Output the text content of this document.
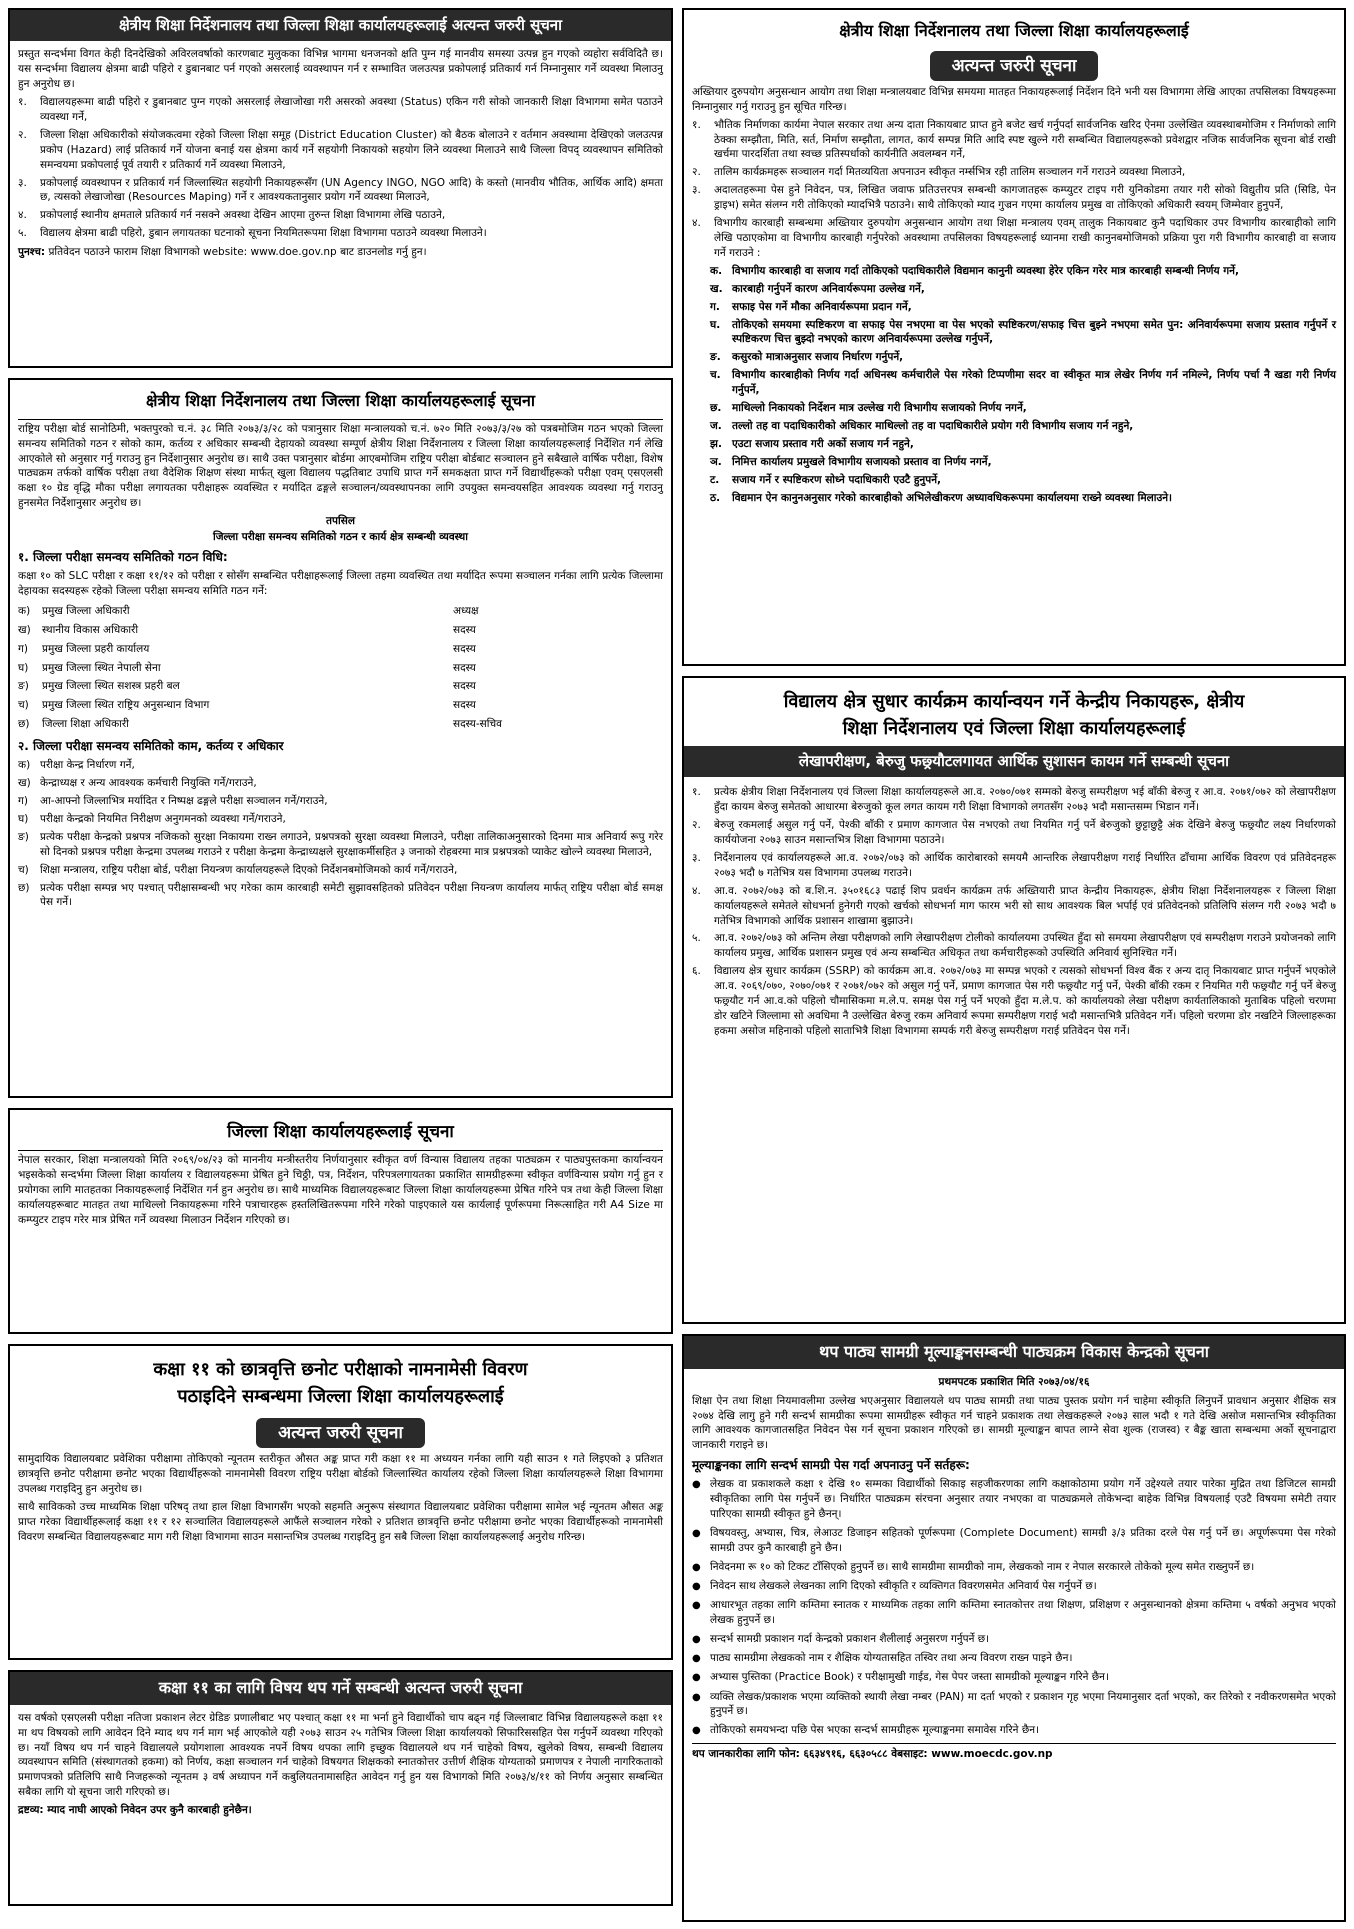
क्षेत्रीय शिक्षा निर्देशनालय तथा जिल्ला शिक्षा कार्यालयहरूलाई अत्यन्त जरुरी सूचना

प्रस्तुत सन्दर्भमा विगत केही दिनदेखिको अविरलवर्षाको कारणबाट मुलुकका विभिन्न भागमा धनजनको क्षति पुग्न गई मानवीय समस्या उत्पन्न हुन गएको व्यहोरा सर्वविदितै छ। यस सन्दर्भमा विद्यालय क्षेत्रमा बाढी पहिरो र डुबानबाट पर्न गएको असरलाई व्यवस्थापन गर्न र सम्भावित जलउत्पन्न प्रकोपलाई प्रतिकार्य गर्न निम्नानुसार गर्ने व्यवस्था मिलाउनु हुन अनुरोध छ।

१.	विद्यालयहरूमा बाढी पहिरो र डुबानबाट पुग्न गएको असरलाई लेखाजोखा गरी असरको अवस्था (Status) एकिन गरी सोको जानकारी शिक्षा विभागमा समेत पठाउने व्यवस्था गर्ने,
२.	जिल्ला शिक्षा अधिकारीको संयोजकत्वमा रहेको जिल्ला शिक्षा समूह (District Education Cluster) को बैठक बोलाउने र वर्तमान अवस्थामा देखिएको जलउत्पन्न प्रकोप (Hazard) लाई प्रतिकार्य गर्ने योजना बनाई यस क्षेत्रमा कार्य गर्ने सहयोगी निकायको सहयोग लिने व्यवस्था मिलाउने साथै जिल्ला विपद् व्यवस्थापन समितिको समन्वयमा प्रकोपलाई पूर्व तयारी र प्रतिकार्य गर्ने व्यवस्था मिलाउने,
३.	प्रकोपलाई व्यवस्थापन र प्रतिकार्य गर्न जिल्लास्थित सहयोगी निकायहरूसँग (UN Agency INGO, NGO आदि) के कस्तो (मानवीय भौतिक, आर्थिक आदि) क्षमता छ, त्यसको लेखाजोखा (Resources Maping) गर्ने र आवश्यकतानुसार प्रयोग गर्ने व्यवस्था मिलाउने,
४.	प्रकोपलाई स्थानीय क्षमताले प्रतिकार्य गर्न नसक्ने अवस्था देखिन आएमा तुरुन्त शिक्षा विभागमा लेखि पठाउने,
५.	विद्यालय क्षेत्रमा बाढी पहिरो, डुबान लगायतका घटनाको सूचना नियमितरूपमा शिक्षा विभागमा पठाउने व्यवस्था मिलाउने।
पुनश्च: प्रतिवेदन पठाउने फाराम शिक्षा विभागको website: www.doe.gov.np बाट डाउनलोड गर्नु हुन।
क्षेत्रीय शिक्षा निर्देशनालय तथा जिल्ला शिक्षा कार्यालयहरूलाई सूचना

राष्ट्रिय परीक्षा बोर्ड सानोठिमी, भक्तपुरको च.नं. ३८ मिति २०७३/३/२८ को पत्रानुसार शिक्षा मन्त्रालयको च.नं. ७२० मिति २०७३/३/२७ को पत्रबमोजिम गठन भएको जिल्ला समन्वय समितिको गठन र सोको काम, कर्तव्य र अधिकार सम्बन्धी देहायको व्यवस्था सम्पूर्ण क्षेत्रीय शिक्षा निर्देशनालय र जिल्ला शिक्षा कार्यालयहरूलाई निर्देशित गर्न लेखि आएकोले सो अनुसार गर्नु गराउनु हुन निर्देशानुसार अनुरोध छ। साथै उक्त पत्रानुसार बोर्डमा आएबमोजिम राष्ट्रिय परीक्षा बोर्डबाट सञ्चालन हुने सबैखाले वार्षिक परीक्षा, विशेष पाठ्यक्रम तर्फको वार्षिक परीक्षा तथा वैदेशिक शिक्षण संस्था मार्फत् खुला विद्यालय पद्धतिबाट उपाधि प्राप्त गर्ने समकक्षता प्राप्त गर्ने विद्यार्थीहरूको परीक्षा एवम् एसएलसी कक्षा १० ग्रेड वृद्धि मौका परीक्षा लगायतका परीक्षाहरू व्यवस्थित र मर्यादित ढङ्गले सञ्चालन/व्यवस्थापनका लागि उपयुक्त समन्वयसहित आवश्यक व्यवस्था गर्नु गराउनु हुनसमेत निर्देशानुसार अनुरोध छ।

तपसिल
जिल्ला परीक्षा समन्वय समितिको गठन र कार्य क्षेत्र सम्बन्धी व्यवस्था
१. जिल्ला परीक्षा समन्वय समितिको गठन विधि:

कक्षा १० को SLC परीक्षा र कक्षा ११/१२ को परीक्षा र सोसँग सम्बन्धित परीक्षाहरूलाई जिल्ला तहमा व्यवस्थित तथा मर्यादित रूपमा सञ्चालन गर्नका लागि प्रत्येक जिल्लामा देहायका सदस्यहरू रहेको जिल्ला परीक्षा समन्वय समिति गठन गर्ने:

क)	प्रमुख जिल्ला अधिकारी	अध्यक्ष
ख)	स्थानीय विकास अधिकारी	सदस्य
ग)	प्रमुख जिल्ला प्रहरी कार्यालय	सदस्य
घ)	प्रमुख जिल्ला स्थित नेपाली सेना	सदस्य
ङ)	प्रमुख जिल्ला स्थित सशस्त्र प्रहरी बल	सदस्य
च)	प्रमुख जिल्ला स्थित राष्ट्रिय अनुसन्धान विभाग	सदस्य
छ)	जिल्ला शिक्षा अधिकारी	सदस्य-सचिव
२. जिल्ला परीक्षा समन्वय समितिको काम, कर्तव्य र अधिकार
क) परीक्षा केन्द्र निर्धारण गर्ने,
ख) केन्द्राध्यक्ष र अन्य आवश्यक कर्मचारी नियुक्ति गर्ने/गराउने,
ग)	आ-आफ्नो जिल्लाभित्र मर्यादित र निष्पक्ष ढङ्गले परीक्षा सञ्चालन गर्ने/गराउने,
घ)	परीक्षा केन्द्रको नियमित निरीक्षण अनुगमनको व्यवस्था गर्ने/गराउने,
ङ)	प्रत्येक परीक्षा केन्द्रको प्रश्नपत्र नजिकको सुरक्षा निकायमा राख्न लगाउने, प्रश्नपत्रको सुरक्षा व्यवस्था मिलाउने, परीक्षा तालिकाअनुसारको दिनमा मात्र अनिवार्य रूपु गरेर सो दिनको प्रश्नपत्र परीक्षा केन्द्रमा उपलब्ध गराउने र परीक्षा केन्द्रमा केन्द्राध्यक्षले सुरक्षाकर्मीसहित ३ जनाको रोहबरमा मात्र प्रश्नपत्रको प्याकेट खोल्ने व्यवस्था मिलाउने,
च)	शिक्षा मन्त्रालय, राष्ट्रिय परीक्षा बोर्ड, परीक्षा नियन्त्रण कार्यालयहरूले दिएको निर्देशनबमोजिमको कार्य गर्ने/गराउने,
छ)	प्रत्येक परीक्षा सम्पन्न भए पश्चात् परीक्षासम्बन्धी भए गरेका काम कारबाही समेटी सुझावसहितको प्रतिवेदन परीक्षा नियन्त्रण कार्यालय मार्फत् राष्ट्रिय परीक्षा बोर्ड समक्ष पेस गर्ने।
जिल्ला शिक्षा कार्यालयहरूलाई सूचना

नेपाल सरकार, शिक्षा मन्त्रालयको मिति २०६९/०४/२३ को माननीय मन्त्रीस्तरीय निर्णयानुसार स्वीकृत वर्ण विन्यास विद्यालय तहका पाठ्यक्रम र पाठ्यपुस्तकमा कार्यान्वयन भइसकेको सन्दर्भमा जिल्ला शिक्षा कार्यालय र विद्यालयहरूमा प्रेषित हुने चिठ्ठी, पत्र, निर्देशन, परिपत्रलगायतका प्रकाशित सामग्रीहरूमा स्वीकृत वर्णविन्यास प्रयोग गर्नु हुन र प्रयोगका लागि मातहतका निकायहरूलाई निर्देशित गर्न हुन अनुरोध छ। साथै माध्यमिक विद्यालयहरूबाट जिल्ला शिक्षा कार्यालयहरूमा प्रेषित गरिने पत्र तथा केही जिल्ला शिक्षा कार्यालयहरूबाट मातहत तथा माथिल्लो निकायहरूमा गरिने पत्राचारहरू हस्तलिखितरूपमा गरिने गरेको पाइएकाले यस कार्यलाई पूर्णरूपमा निरूत्साहित गरी A4 Size मा कम्प्युटर टाइप गरेर मात्र प्रेषित गर्ने व्यवस्था मिलाउन निर्देशन गरिएको छ।

कक्षा ११ को छात्रवृत्ति छनोट परीक्षाको नामनामेसी विवरण
पठाइदिने सम्बन्धमा जिल्ला शिक्षा कार्यालयहरूलाई
अत्यन्त जरुरी सूचना

सामुदायिक विद्यालयबाट प्रवेशिका परीक्षामा तोकिएको न्यूनतम स्तरीकृत औसत अङ्क प्राप्त गरी कक्षा ११ मा अध्ययन गर्नका लागि यही साउन १ गते लिइएको ३ प्रतिशत छात्रवृत्ति छनोट परीक्षामा छनोट भएका विद्यार्थीहरूको नामनामेसी विवरण राष्ट्रिय परीक्षा बोर्डको जिल्लास्थित कार्यालय रहेको जिल्ला शिक्षा कार्यालयहरूले शिक्षा विभागमा उपलब्ध गराइदिनु हुन अनुरोध छ।

साथै साविकको उच्च माध्यमिक शिक्षा परिषद् तथा हाल शिक्षा विभागसँग भएको सहमति अनुरूप संस्थागत विद्यालयबाट प्रवेशिका परीक्षामा सामेल भई न्यूनतम औसत अङ्क प्राप्त गरेका विद्यार्थीहरूलाई कक्षा ११ र १२ सञ्चालित विद्यालयहरूले आफैंले सञ्चालन गरेको २ प्रतिशत छात्रवृत्ति छनोट परीक्षामा छनोट भएका विद्यार्थीहरूको नामनामेसी विवरण सम्बन्धित विद्यालयहरूबाट माग गरी शिक्षा विभागमा साउन मसान्तभित्र उपलब्ध गराइदिनु हुन सबै जिल्ला शिक्षा कार्यालयहरूलाई अनुरोध गरिन्छ।

कक्षा ११ का लागि विषय थप गर्ने सम्बन्धी अत्यन्त जरुरी सूचना

यस वर्षको एसएलसी परीक्षा नतिजा प्रकाशन लेटर ग्रेडिङ प्रणालीबाट भए पश्चात् कक्षा ११ मा भर्ना हुने विद्यार्थीको चाप बढ्न गई जिल्लाबाट विभिन्न विद्यालयहरूले कक्षा ११ मा थप विषयको लागि आवेदन दिने म्याद थप गर्न माग भई आएकोले यही २०७३ साउन २५ गतेभित्र जिल्ला शिक्षा कार्यालयको सिफारिससहित पेस गर्नुपर्ने व्यवस्था गरिएको छ। नयाँ विषय थप गर्न चाहने विद्यालयले प्रयोगशाला आवश्यक नपर्ने विषय थपका लागि इच्छुक विद्यालयले थप गर्न चाहेको विषय, खुलेको विषय, सम्बन्धी विद्यालय व्यवस्थापन समिति (संस्थागतको हकमा) को निर्णय, कक्षा सञ्चालन गर्न चाहेको विषयगत शिक्षकको स्नातकोत्तर उत्तीर्ण शैक्षिक योग्यताको प्रमाणपत्र र नेपाली नागरिकताको प्रमाणपत्रको प्रतिलिपि साथै निजहरूको न्यूनतम ३ वर्ष अध्यापन गर्ने कबुलियतनामासहित आवेदन गर्नु हुन यस विभागको मिति २०७३/४/११ को निर्णय अनुसार सम्बन्धित सबैका लागि यो सूचना जारी गरिएको छ।

द्रष्टव्य: म्याद नाघी आएको निवेदन उपर कुनै कारबाही हुनेछैन।
क्षेत्रीय शिक्षा निर्देशनालय तथा जिल्ला शिक्षा कार्यालयहरूलाई
अत्यन्त जरुरी सूचना

अख्तियार दुरुपयोग अनुसन्धान आयोग तथा शिक्षा मन्त्रालयबाट विभिन्न समयमा मातहत निकायहरूलाई निर्देशन दिने भनी यस विभागमा लेखि आएका तपसिलका विषयहरूमा निम्नानुसार गर्नु गराउनु हुन सूचित गरिन्छ।

१.	भौतिक निर्माणका कार्यमा नेपाल सरकार तथा अन्य दाता निकायबाट प्राप्त हुने बजेट खर्च गर्नुपर्दा सार्वजनिक खरिद ऐनमा उल्लेखित व्यवस्थाबमोजिम र निर्माणको लागि ठेक्का सम्झौता, मिति, सर्त, निर्माण सम्झौता, लागत, कार्य सम्पन्न मिति आदि स्पष्ट खुल्ने गरी सम्बन्धित विद्यालयहरूको प्रवेशद्वार नजिक सार्वजनिक सूचना बोर्ड राखी खर्चमा पारदर्शिता तथा स्वच्छ प्रतिस्पर्धाको कार्यनीति अवलम्बन गर्ने,
२.	तालिम कार्यक्रमहरू सञ्चालन गर्दा मितव्ययिता अपनाउन स्वीकृत नर्म्सभित्र रही तालिम सञ्चालन गर्ने गराउने व्यवस्था मिलाउने,
३.	अदालतहरूमा पेस हुने निवेदन, पत्र, लिखित जवाफ प्रतिउत्तरपत्र सम्बन्धी कागजातहरू कम्प्युटर टाइप गरी युनिकोडमा तयार गरी सोको विद्युतीय प्रति (सिडि, पेन ड्राइभ) समेत संलग्न गरी तोकिएको म्यादभित्रै पठाउने। साथै तोकिएको म्याद गुज्रन गएमा कार्यालय प्रमुख वा तोकिएको अधिकारी स्वयम् जिम्मेवार हुनुपर्ने,
४.	विभागीय कारबाही सम्बन्धमा अख्तियार दुरुपयोग अनुसन्धान आयोग तथा शिक्षा मन्त्रालय एवम् तालुक निकायबाट कुनै पदाधिकार उपर विभागीय कारबाहीको लागि लेखि पठाएकोमा वा विभागीय कारबाही गर्नुपरेको अवस्थामा तपसिलका विषयहरूलाई ध्यानमा राखी कानुनबमोजिमको प्रक्रिया पुरा गरी विभागीय कारबाही वा सजाय गर्ने गराउने :
क. विभागीय कारबाही वा सजाय गर्दा तोकिएको पदाधिकारीले विद्यमान कानुनी व्यवस्था हेरेर एकिन गरेर मात्र कारबाही सम्बन्धी निर्णय गर्ने,
ख. कारबाही गर्नुपर्ने कारण अनिवार्यरूपमा उल्लेख गर्ने,
ग.	सफाइ पेस गर्ने मौका अनिवार्यरूपमा प्रदान गर्ने,
घ.	तोकिएको समयमा स्पष्टिकरण वा सफाइ पेस नभएमा वा पेस भएको स्पष्टिकरण/सफाइ चित्त बुझ्ने नभएमा समेत पुन: अनिवार्यरूपमा सजाय प्रस्ताव गर्नुपर्ने र स्पष्टिकरण चित्त बुझ्दो नभएको कारण अनिवार्यरूपमा उल्लेख गर्नुपर्ने,
ङ.	कसुरको मात्राअनुसार सजाय निर्धारण गर्नुपर्ने,
च.	विभागीय कारबाहीको निर्णय गर्दा अधिनस्थ कर्मचारीले पेस गरेको टिप्पणीमा सदर वा स्वीकृत मात्र लेखेर निर्णय गर्न नमिल्ने, निर्णय पर्चा नै खडा गरी निर्णय गर्नुपर्ने,
छ.	माथिल्लो निकायको निर्देशन मात्र उल्लेख गरी विभागीय सजायको निर्णय नगर्ने,
ज. तल्लो तह वा पदाधिकारीको अधिकार माथिल्लो तह वा पदाधिकारीले प्रयोग गरी विभागीय सजाय गर्न नहुने,
झ. एउटा सजाय प्रस्ताव गरी अर्को सजाय गर्न नहुने,
ञ. निमित्त कार्यालय प्रमुखले विभागीय सजायको प्रस्ताव वा निर्णय नगर्ने,
ट.	सजाय गर्ने र स्पष्टिकरण सोध्ने पदाधिकारी एउटै हुनुपर्ने,
ठ.	विद्यमान ऐन कानुनअनुसार गरेको कारबाहीको अभिलेखीकरण अध्यावधिकरूपमा कार्यालयमा राख्ने व्यवस्था मिलाउने।
विद्यालय क्षेत्र सुधार कार्यक्रम कार्यान्वयन गर्ने केन्द्रीय निकायहरू, क्षेत्रीय
शिक्षा निर्देशनालय एवं जिल्ला शिक्षा कार्यालयहरूलाई
लेखापरीक्षण, बेरुजु फछ्र्यौटलगायत आर्थिक सुशासन कायम गर्ने सम्बन्धी सूचना
१.	प्रत्येक क्षेत्रीय शिक्षा निर्देशनालय एवं जिल्ला शिक्षा कार्यालयहरूले आ.व. २०७०/०७१ सम्मको बेरुजु सम्परीक्षण भई बाँकी बेरुजु र आ.व. २०७१/०७२ को लेखापरीक्षण हुँदा कायम बेरुजु समेतको आधारमा बेरुजुको कूल लगत कायम गरी शिक्षा विभागको लगतसँग २०७३ भदौ मसान्तसम्म भिडान गर्ने।
२.	बेरुजु रकमलाई असुल गर्नु पर्ने, पेश्की बाँकी र प्रमाण कागजात पेस नभएको तथा नियमित गर्नु पर्ने बेरुजुको छुट्टाछुट्टै अंक देखिने बेरुजु फछ्र्यौट लक्ष्य निर्धारणको कार्ययोजना २०७३ साउन मसान्तभित्र शिक्षा विभागमा पठाउने।
३.	निर्देशनालय एवं कार्यालयहरूले आ.व. २०७२/०७३ को आर्थिक कारोबारको समयमै आन्तरिक लेखापरीक्षण गराई निर्धारित ढाँचामा आर्थिक विवरण एवं प्रतिवेदनहरू २०७३ भदौ ७ गतेभित्र यस विभागमा उपलब्ध गराउने।
४.	आ.व. २०७२/०७३ को ब.शि.न. ३५०१६८३ पढाई शिप प्रवर्धन कार्यक्रम तर्फ अख्तियारी प्राप्त केन्द्रीय निकायहरू, क्षेत्रीय शिक्षा निर्देशनालयहरू र जिल्ला शिक्षा कार्यालयहरूले समेतले सोधभर्ना हुनेगरी गएको खर्चको सोधभर्ना माग फारम भरी सो साथ आवश्यक बिल भर्पाई एवं प्रतिवेदनको प्रतिलिपि संलग्न गरी २०७३ भदौ ७ गतेभित्र विभागको आर्थिक प्रशासन शाखामा बुझाउने।
५.	आ.व. २०७२/०७३ को अन्तिम लेखा परीक्षणको लागि लेखापरीक्षण टोलीको कार्यालयमा उपस्थित हुँदा सो समयमा लेखापरीक्षण एवं सम्परीक्षण गराउने प्रयोजनको लागि कार्यालय प्रमुख, आर्थिक प्रशासन प्रमुख एवं अन्य सम्बन्धित अधिकृत तथा कर्मचारीहरूको उपस्थिति अनिवार्य सुनिश्चित गर्ने।
६.	विद्यालय क्षेत्र सुधार कार्यक्रम (SSRP) को कार्यक्रम आ.व. २०७२/०७३ मा सम्पन्न भएको र त्यसको सोधभर्ना विश्व बैंक र अन्य दातृ निकायबाट प्राप्त गर्नुपर्ने भएकोले आ.व. २०६९/०७०, २०७०/०७१ र २०७१/०७२ को असुल गर्नु पर्ने, प्रमाण कागजात पेस गरी फछ्र्यौट गर्नु पर्ने, पेश्की बाँकी रकम र नियमित गरी फछ्र्यौट गर्नु पर्ने बेरुजु फछ्र्यौट गर्न आ.व.को पहिलो चौमासिकमा म.ले.प. समक्ष पेस गर्नु पर्ने भएको हुँदा म.ले.प. को कार्यालयको लेखा परीक्षण कार्यतालिकाको मुताबिक पहिलो चरणमा डोर खटिने जिल्लामा सो अवधिमा नै उल्लेखित बेरुजु रकम अनिवार्य रूपमा सम्परीक्षण गराई भदौ मसान्तभित्रै प्रतिवेदन गर्ने। पहिलो चरणमा डोर नखटिने जिल्लाहरूका हकमा असोज महिनाको पहिलो साताभित्रै शिक्षा विभागमा सम्पर्क गरी बेरुजु सम्परीक्षण गराई प्रतिवेदन पेस गर्ने।
थप पाठ्य सामग्री मूल्याङ्कनसम्बन्धी पाठ्यक्रम विकास केन्द्रको सूचना
प्रथमपटक प्रकाशित मिति २०७३/०४/१६

शिक्षा ऐन तथा शिक्षा नियमावलीमा उल्लेख भएअनुसार विद्यालयले थप पाठ्य सामग्री तथा पाठ्य पुस्तक प्रयोग गर्न चाहेमा स्वीकृति लिनुपर्ने प्रावधान अनुसार शैक्षिक सत्र २०७४ देखि लागु हुने गरी सन्दर्भ सामग्रीका रूपमा सामग्रीहरू स्वीकृत गर्न चाहने प्रकाशक तथा लेखकहरूले २०७३ साल भदौ १ गते देखि असोज मसान्तभित्र स्वीकृतिका लागि आवश्यक कागजातसहित निवेदन पेस गर्न सूचना प्रकाशन गरिएको छ। सामग्री मूल्याङ्कन बापत लाग्ने सेवा शुल्क (राजस्व) र बैङ्क खाता सम्बन्धमा अर्को सूचनाद्वारा जानकारी गराइने छ।

मूल्याङ्कनका लागि सन्दर्भ सामग्री पेस गर्दा अपनाउनु पर्ने सर्तहरू:
● लेखक वा प्रकाशकले कक्षा १ देखि १० सम्मका विद्यार्थीको सिकाइ सहजीकरणका लागि कक्षाकोठामा प्रयोग गर्ने उद्देश्यले तयार पारेका मुद्रित तथा डिजिटल सामग्री स्वीकृतिका लागि पेस गर्नुपर्ने छ। निर्धारित पाठ्यक्रम संरचना अनुसार तयार नभएका वा पाठ्यक्रमले तोकेभन्दा बाहेक विभिन्न विषयलाई एउटै विषयमा समेटी तयार पारिएका सामग्री स्वीकृत हुने छैनन्।
● विषयवस्तु, अभ्यास, चित्र, लेआउट डिजाइन सहितको पूर्णरूपमा (Complete Document) सामग्री ३/३ प्रतिका दरले पेस गर्नु पर्ने छ। अपूर्णरूपमा पेस गरेको सामग्री उपर कुनै कारबाही हुने छैन।
● निवेदनमा रू १० को टिकट टाँसिएको हुनुपर्ने छ। साथै सामग्रीमा सामग्रीको नाम, लेखकको नाम र नेपाल सरकारले तोकेको मूल्य समेत राख्नुपर्ने छ।
● निवेदन साथ लेखकले लेखनका लागि दिएको स्वीकृति र व्यक्तिगत विवरणसमेत अनिवार्य पेस गर्नुपर्ने छ।
● आधारभूत तहका लागि कम्तिमा स्नातक र माध्यमिक तहका लागि कम्तिमा स्नातकोत्तर तथा शिक्षण, प्रशिक्षण र अनुसन्धानको क्षेत्रमा कम्तिमा ५ वर्षको अनुभव भएको लेखक हुनुपर्ने छ।
● सन्दर्भ सामग्री प्रकाशन गर्दा केन्द्रको प्रकाशन शैलीलाई अनुसरण गर्नुपर्ने छ।
● पाठ्य सामग्रीमा लेखकको नाम र शैक्षिक योग्यतासहित तस्विर तथा अन्य विवरण राख्न पाइने छैन।
● अभ्यास पुस्तिका (Practice Book) र परीक्षामुखी गाईड, गेस पेपर जस्ता सामग्रीको मूल्याङ्कन गरिने छैन।
● व्यक्ति लेखक/प्रकाशक भएमा व्यक्तिको स्थायी लेखा नम्बर (PAN) मा दर्ता भएको र प्रकाशन गृह भएमा नियमानुसार दर्ता भएको, कर तिरेको र नवीकरणसमेत भएको हुनुपर्ने छ।
● तोकिएको समयभन्दा पछि पेस भएका सन्दर्भ सामग्रीहरू मूल्याङ्कनमा समावेस गरिने छैन।
थप जानकारीका लागि फोन: ६६३४९१६, ६६३०५८८ वेबसाइट: www.moecdc.gov.np
